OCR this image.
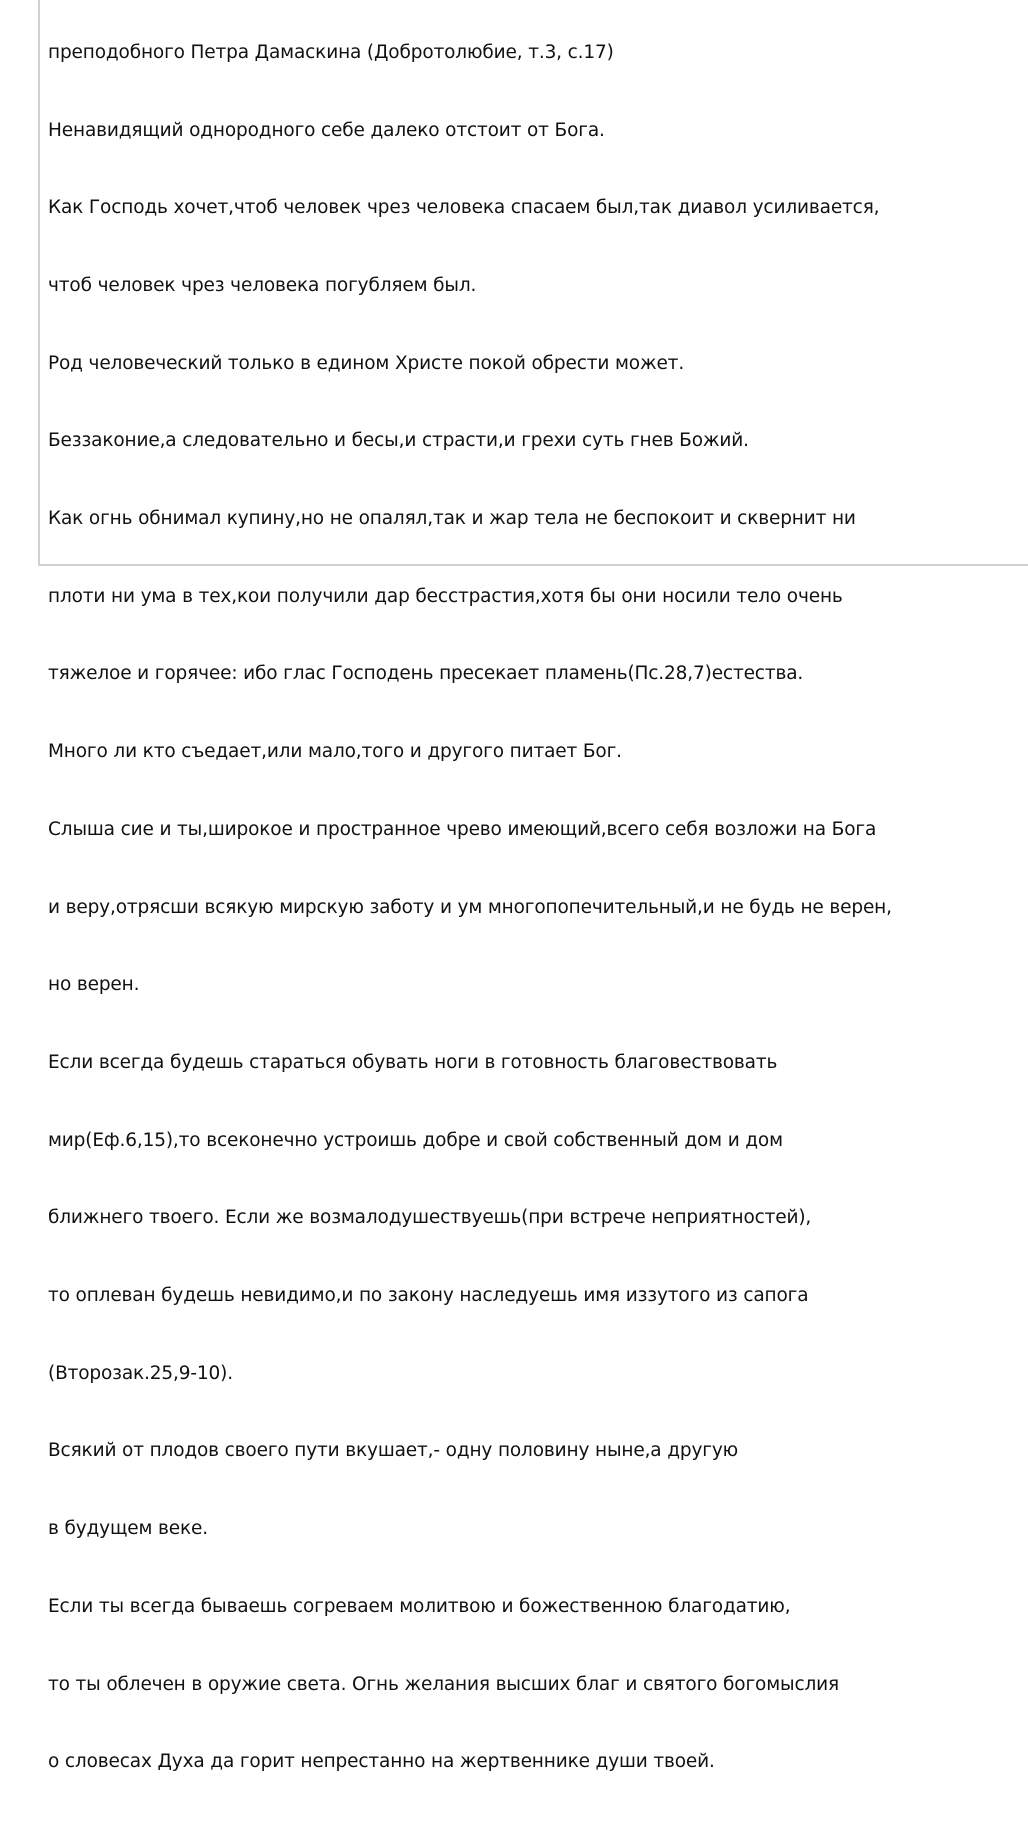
преподобного Петра Дамаскина (Добротолюбие, т.3, с.17)

Ненавидящий однородного себе далеко отстоит от Бога.

Как Господь хочет,чтоб человек чрез человека спасаем был,так диавол усиливается,

чтоб человек чрез человека погубляем был.

Род человеческий только в едином Христе покой обрести может.

Беззаконие,а следовательно и бесы,и страсти,и грехи суть гнев Божий.

Как огнь обнимал купину,но не опалял,так и жар тела не беспокоит и сквернит ни

плоти ни ума в тех,кои получили дар бесстрастия,хотя бы они носили тело очень

тяжелое и горячее: ибо глас Господень пресекает пламень(Пс.28,7)естества.

Много ли кто съедает,или мало,того и другого питает Бог.

Слыша сие и ты,широкое и пространное чрево имеющий,всего себя возложи на Бога

и веру,отрясши всякую мирскую заботу и ум многопопечительный,и не будь не верен,

но верен.

Если всегда будешь стараться обувать ноги в готовность благовествовать

мир(Еф.6,15),то всеконечно устроишь добре и свой собственный дом и дом

ближнего твоего. Если же возмалодушествуешь(при встрече неприятностей),

то оплеван будешь невидимо,и по закону наследуешь имя иззутого из сапога

(Второзак.25,9-10).

Всякий от плодов своего пути вкушает,- одну половину ныне,а другую

в будущем веке.

Если ты всегда бываешь согреваем молитвою и божественною благодатию,

то ты облечен в оружие света. Огнь желания высших благ и святого богомыслия

о словесах Духа да горит непрестанно на жертвеннике души твоей.
